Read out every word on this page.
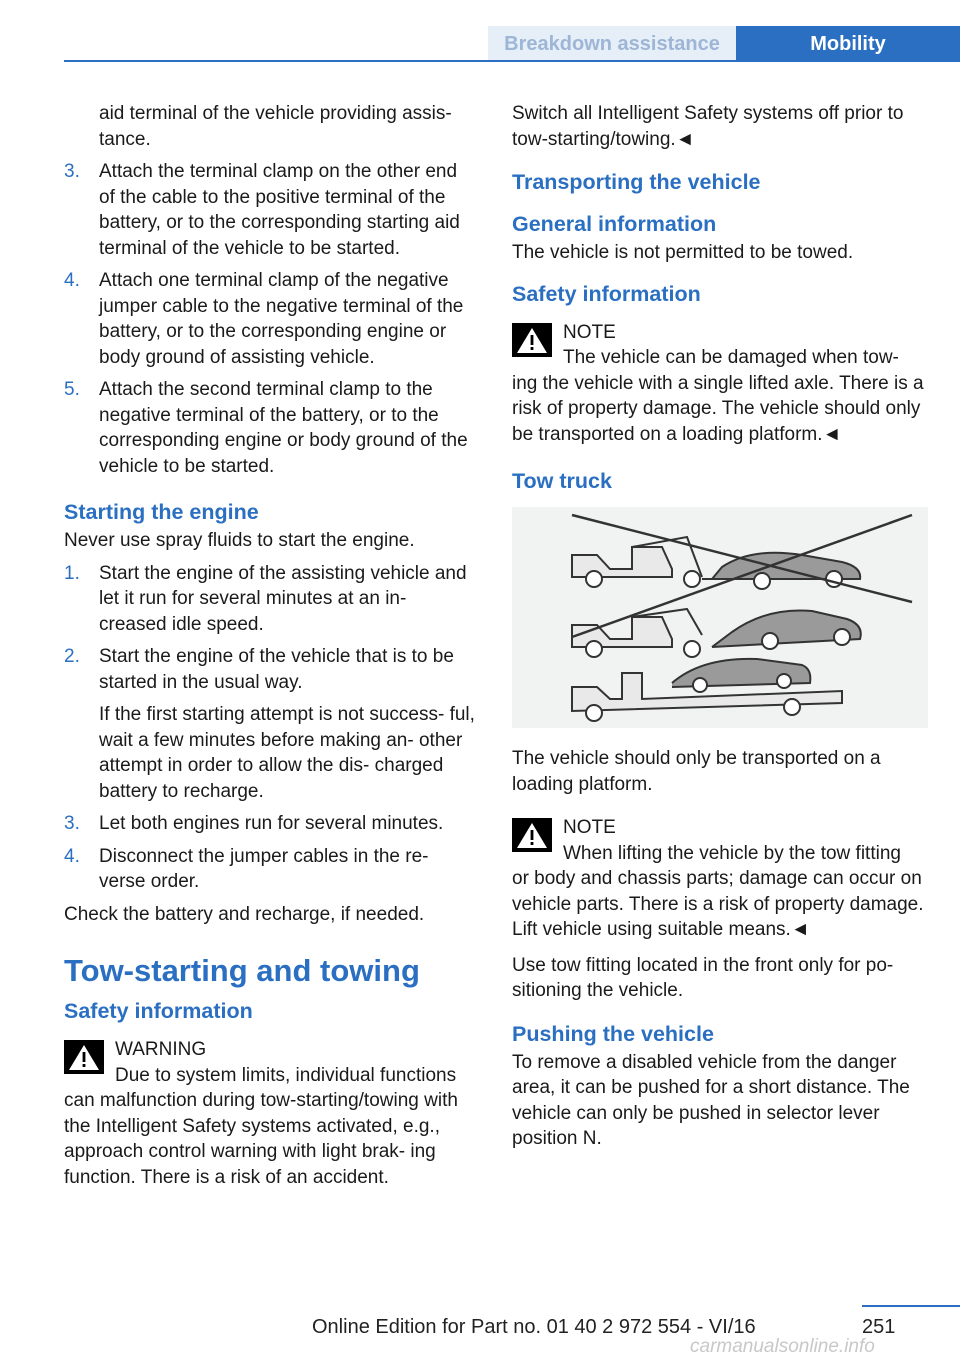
Breakdown assistance	Mobility
aid terminal of the vehicle providing assis‐ tance.
3. Attach the terminal clamp on the other end of the cable to the positive terminal of the battery, or to the corresponding starting aid terminal of the vehicle to be started.
4. Attach one terminal clamp of the negative jumper cable to the negative terminal of the battery, or to the corresponding engine or body ground of assisting vehicle.
5. Attach the second terminal clamp to the negative terminal of the battery, or to the corresponding engine or body ground of the vehicle to be started.
Starting the engine
Never use spray fluids to start the engine.
1. Start the engine of the assisting vehicle and let it run for several minutes at an in‐ creased idle speed.
2. Start the engine of the vehicle that is to be started in the usual way.
If the first starting attempt is not success‐ ful, wait a few minutes before making an‐ other attempt in order to allow the dis‐ charged battery to recharge.
3. Let both engines run for several minutes.
4. Disconnect the jumper cables in the re‐ verse order.
Check the battery and recharge, if needed.
Tow-starting and towing
Safety information
WARNING
Due to system limits, individual functions
can malfunction during tow-starting/towing with the Intelligent Safety systems activated, e.g., approach control warning with light brak‐ ing function. There is a risk of an accident.
Switch all Intelligent Safety systems off prior to tow-starting/towing.◄
Transporting the vehicle
General information
The vehicle is not permitted to be towed.
Safety information
NOTE
The vehicle can be damaged when tow‐
ing the vehicle with a single lifted axle. There is a risk of property damage. The vehicle should only be transported on a loading platform.◄
Tow truck
The vehicle should only be transported on a loading platform.
NOTE
When lifting the vehicle by the tow fitting
or body and chassis parts; damage can occur on vehicle parts. There is a risk of property damage. Lift vehicle using suitable means.◄
Use tow fitting located in the front only for po‐ sitioning the vehicle.
Pushing the vehicle
To remove a disabled vehicle from the danger area, it can be pushed for a short distance. The vehicle can only be pushed in selector lever position N.
251
Online Edition for Part no. 01 40 2 972 554 - VI/16
carmanualsonline.info
